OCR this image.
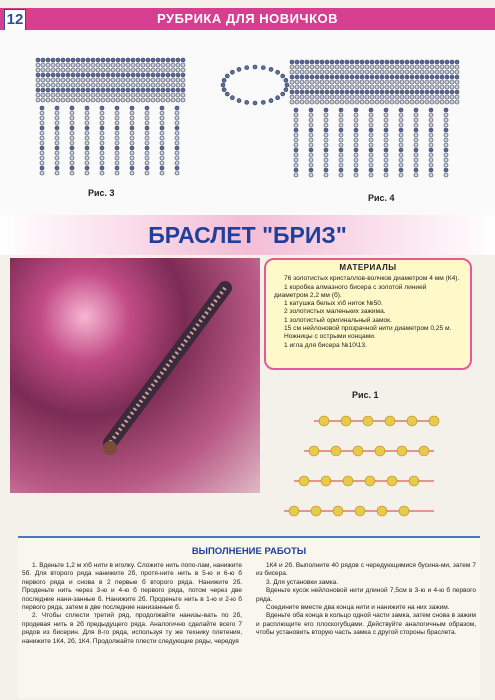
РУБРИКА ДЛЯ НОВИЧКОВ
12
Рис. 3	Рис. 4
БРАСЛЕТ "БРИЗ"
МАТЕРИАЛЫ

76 золотистых кристаллов-волчков диаметром 4 мм (К4).

1 коробка алмазного бисера с золотой линией диаметром 2,2 мм (б).

1 катушка белых х\б ниток №50.

2 золотистых маленьких зажима.

1 золотистый оригинальный замок.

15 см нейлоновой прозрачной нити диаметром 0,25 м.

Ножницы с острыми концами.

1 игла для бисера №10\13.

Рис. 1
ВЫПОЛНЕНИЕ РАБОТЫ

1. Вденьте 1,2 м х\б нити в иголку. Сложите нить попо-лам, наниж‍ите 5б. Для второго ряда наниж‍ите 2б, протя-ните нить в 5-ю и 6-ю б первого ряда и снова в 2 первые б второго ряда. Наниж‍ите 2б. Проденьте нить через 3-ю и 4-ю б первого ряда, потом через две последние нани-занные б. Наниж‍ите 2б. Проденьте нить в 1-ю и 2-ю б первого ряда, затем в две последние нанизанные б.

2. Чтобы сплести третий ряд, продолжайте нанизы-вать по 2б, продевая нить в 2б предыдущего ряда. Аналогично сделайте всего 7 рядов из бисерин. Для 8-го ряда, используя ту же технику плетения, наниж‍ите 1К4, 2б, 1К4. Продолжайте плести следующие ряды, чередуя

1К4 и 2б. Выполните 40 рядов с чередующимися бусина-ми, затем 7 из бисера.

3. Для установки замка.

Вденьте кусок нейлоновой нити длиной 7,5см в 3-ю и 4-ю б первого ряда.

Соедините вместе два конца нити и наниж‍ите на них зажим.

Вденьте оба конца в кольцо одной части замка, затем снова в зажим и расплющите его плоскогубцами. Действуйте аналогичным образом, чтобы установить вторую часть замка с другой стороны браслета.
